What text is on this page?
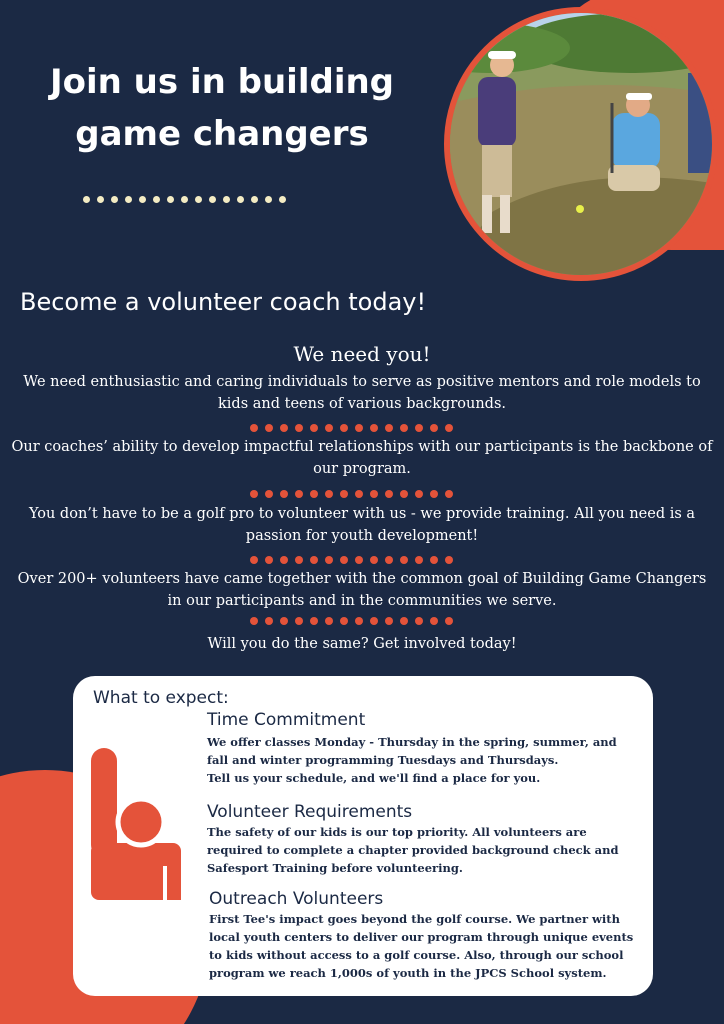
Join us in building
game changers
Become a volunteer coach today!
We need you!
We need enthusiastic and caring individuals to serve as positive mentors and role models to kids and teens of various backgrounds.
Our coaches’ ability to develop impactful relationships with our participants is the backbone of our program.
You don’t have to be a golf pro to volunteer with us - we provide training. All you need is a passion for youth development!
Over 200+ volunteers have came together with the common goal of Building Game Changers in our participants and in the communities we serve.
Will you do the same? Get involved today!
What to expect:
Time Commitment
We offer classes Monday - Thursday in the spring, summer, and
fall and winter programming Tuesdays and Thursdays.
Tell us your schedule, and we'll find a place for you.
Volunteer Requirements
The safety of our kids is our top priority. All volunteers are
required to complete a chapter provided background check and
Safesport Training before volunteering.
Outreach Volunteers
First Tee's impact goes beyond the golf course. We partner with
local youth centers to deliver our program through unique events
to kids without access to a golf course. Also, through our school
program we reach 1,000s of youth in the JPCS School system.
